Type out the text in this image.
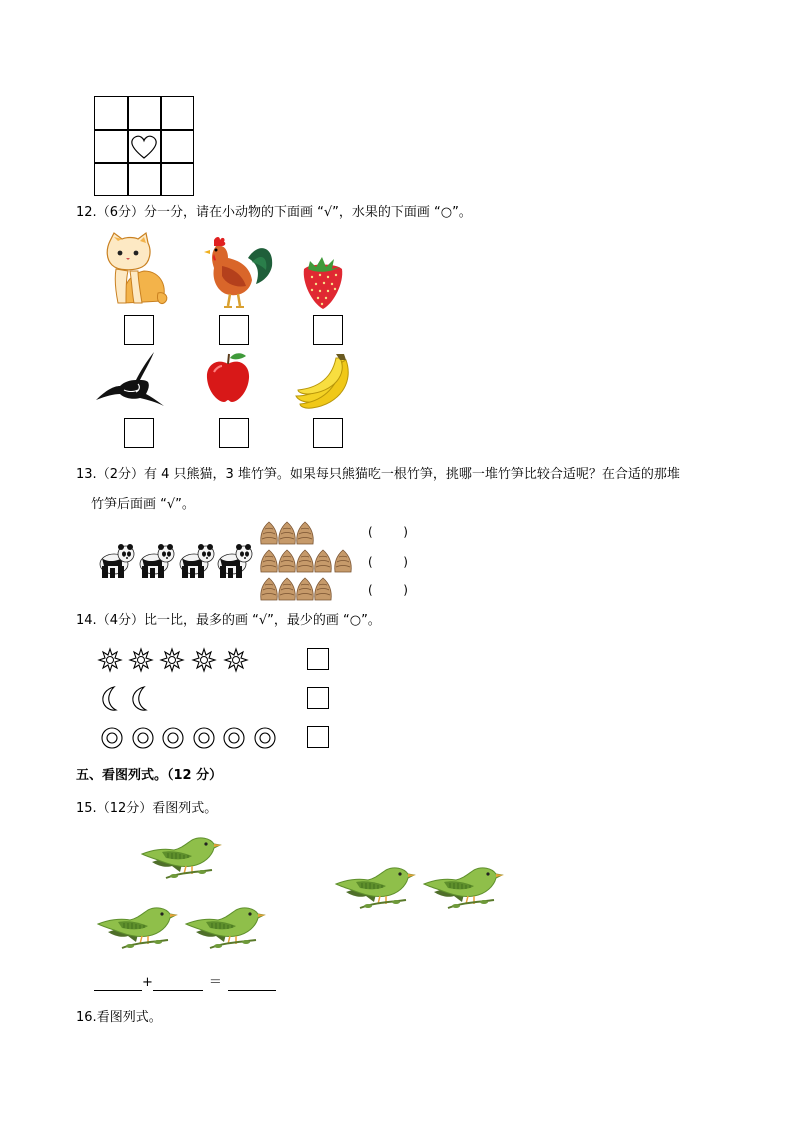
12.（6分）分一分，请在小动物的下面画 “√”，水果的下面画 “○”。
13.（2分）有 4 只熊猫，3 堆竹笋。如果每只熊猫吃一根竹笋，挑哪一堆竹笋比较合适呢？在合适的那堆
竹笋后面画 “√”。
(        )
(        )
(        )
14.（4分）比一比，最多的画 “√”，最少的画 “○”。
五、看图列式。（12 分）
15.（12分）看图列式。
+	＝
16.看图列式。
